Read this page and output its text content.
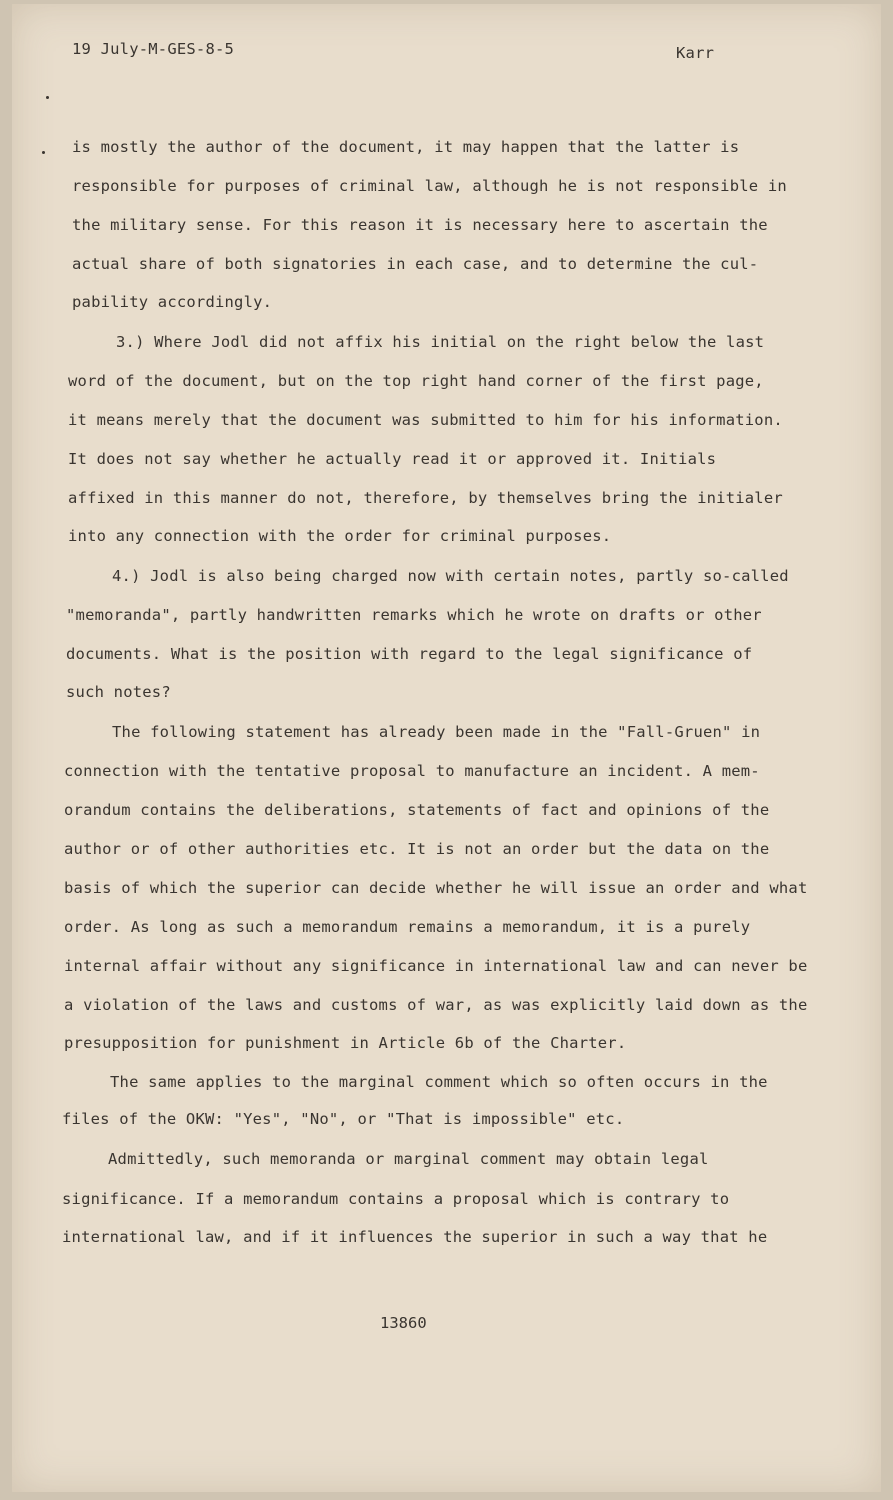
19 July-M-GES-8-5	Karr
is mostly the author of the document, it may happen that the latter is
responsible for purposes of criminal law, although he is not responsible in
the military sense. For this reason it is necessary here to ascertain the
actual share of both signatories in each case, and to determine the cul-
pability accordingly.
3.) Where Jodl did not affix his initial on the right below the last
word of the document, but on the top right hand corner of the first page,
it means merely that the document was submitted to him for his information.
It does not say whether he actually read it or approved it. Initials
affixed in this manner do not, therefore, by themselves bring the initialer
into any connection with the order for criminal purposes.
4.) Jodl is also being charged now with certain notes, partly so-called
"memoranda", partly handwritten remarks which he wrote on drafts or other
documents. What is the position with regard to the legal significance of
such notes?
The following statement has already been made in the "Fall-Gruen" in
connection with the tentative proposal to manufacture an incident. A mem-
orandum contains the deliberations, statements of fact and opinions of the
author or of other authorities etc. It is not an order but the data on the
basis of which the superior can decide whether he will issue an order and what
order. As long as such a memorandum remains a memorandum, it is a purely
internal affair without any significance in international law and can never be
a violation of the laws and customs of war, as was explicitly laid down as the
presupposition for punishment in Article 6b of the Charter.
The same applies to the marginal comment which so often occurs in the
files of the OKW: "Yes", "No", or "That is impossible" etc.
Admittedly, such memoranda or marginal comment may obtain legal
significance. If a memorandum contains a proposal which is contrary to
international law, and if it influences the superior in such a way that he
13860
